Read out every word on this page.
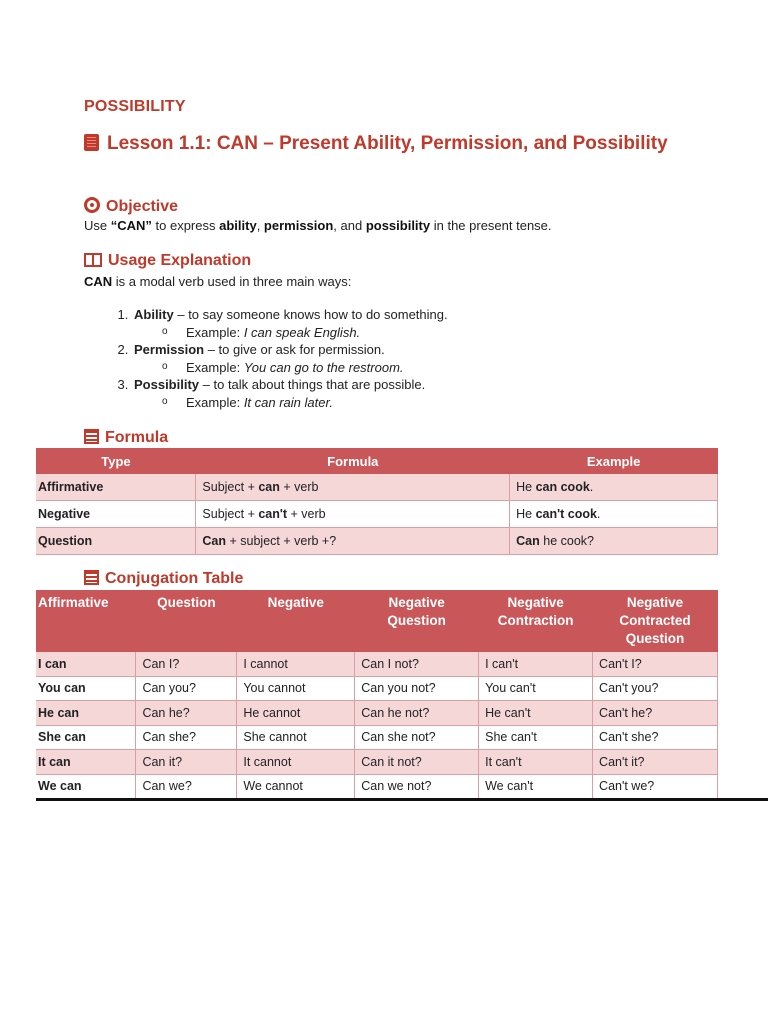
POSSIBILITY
Lesson 1.1: CAN – Present Ability, Permission, and Possibility
Objective
Use “CAN” to express ability, permission, and possibility in the present tense.
Usage Explanation
CAN is a modal verb used in three main ways:
1. Ability – to say someone knows how to do something.
o Example: I can speak English.
2. Permission – to give or ask for permission.
o Example: You can go to the restroom.
3. Possibility – to talk about things that are possible.
o Example: It can rain later.
Formula
Type	Formula	Example
Affirmative	Subject + can + verb	He can cook.
Negative	Subject + can't + verb	He can't cook.
Question	Can + subject + verb +?	Can he cook?
Conjugation Table
Affirmative	Question	Negative	Negative Question	Negative Contraction	Negative Contracted Question
I can	Can I?	I cannot	Can I not?	I can't	Can't I?
You can	Can you?	You cannot	Can you not?	You can't	Can't you?
He can	Can he?	He cannot	Can he not?	He can't	Can't he?
She can	Can she?	She cannot	Can she not?	She can't	Can't she?
It can	Can it?	It cannot	Can it not?	It can't	Can't it?
We can	Can we?	We cannot	Can we not?	We can't	Can't we?
